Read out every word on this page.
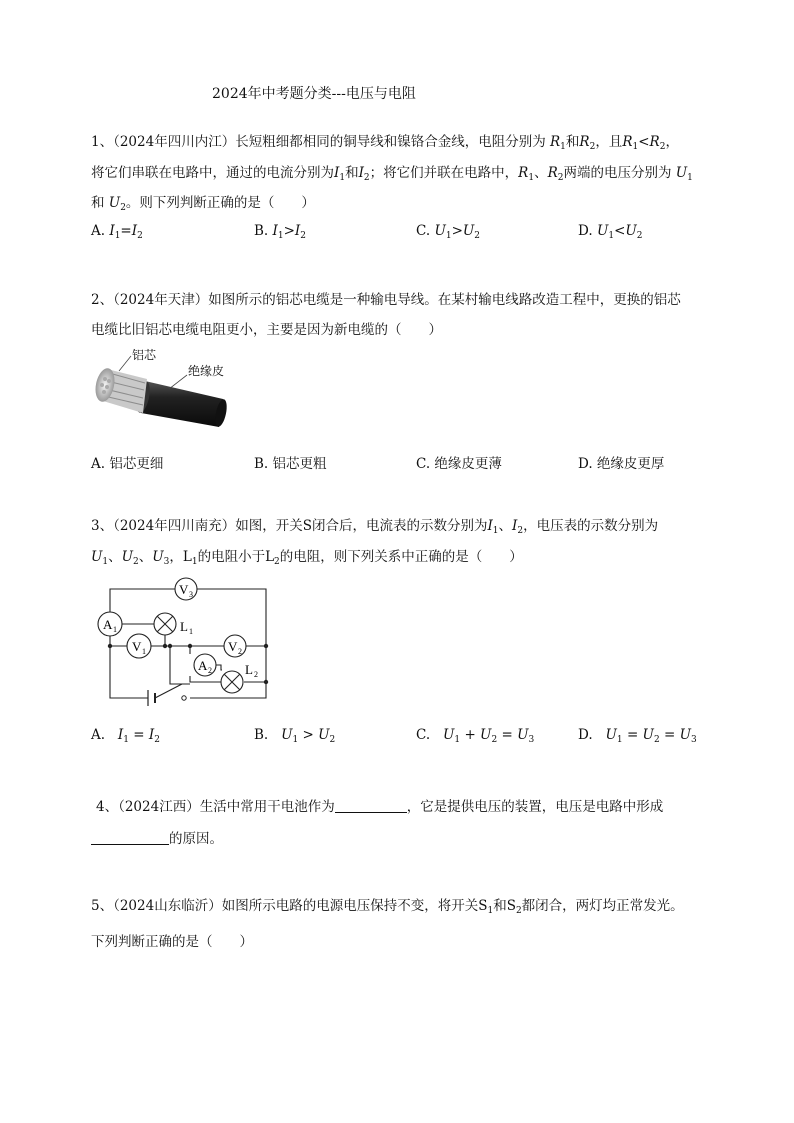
2024年中考题分类---电压与电阻
1、（2024年四川内江）长短粗细都相同的铜导线和镍铬合金线，电阻分别为 $R_1$和$R_2$，且$R_1<R_2$，
将它们串联在电路中，通过的电流分别为$I_1$和$I_2$；将它们并联在电路中，$R_1$、$R_2$两端的电压分别为 $U_1$
和 $U_2$。则下列判断正确的是（　　）
A. $I_1=I_2$	B. $I_1>I_2$	C. $U_1>U_2$	D. $U_1<U_2$
2、（2024年天津）如图所示的铝芯电缆是一种输电导线。在某村输电线路改造工程中，更换的铝芯
电缆比旧铝芯电缆电阻更小，主要是因为新电缆的（　　）
铝芯
绝缘皮
A. 铝芯更细	B. 铝芯更粗	C. 绝缘皮更薄	D. 绝缘皮更厚
3、（2024年四川南充）如图，开关S闭合后，电流表的示数分别为$I_1$、$I_2$，电压表的示数分别为
$U_1$、$U_2$、$U_3$，$L_1$的电阻小于$L_2$的电阻，则下列关系中正确的是（　　）
A 1
V 3
V 1	V 2
A 2
L 1
L 2
A. $I_1 = I_2$	B. $U_1 > U_2$	C. $U_1 + U_2 = U_3$	D. $U_1 = U_2 = U_3$
4、（2024江西）生活中常用干电池作为	，它是提供电压的装置，电压是电路中形成
的原因。
5、（2024山东临沂）如图所示电路的电源电压保持不变，将开关$S_1$和$S_2$都闭合，两灯均正常发光。
下列判断正确的是（　　）
